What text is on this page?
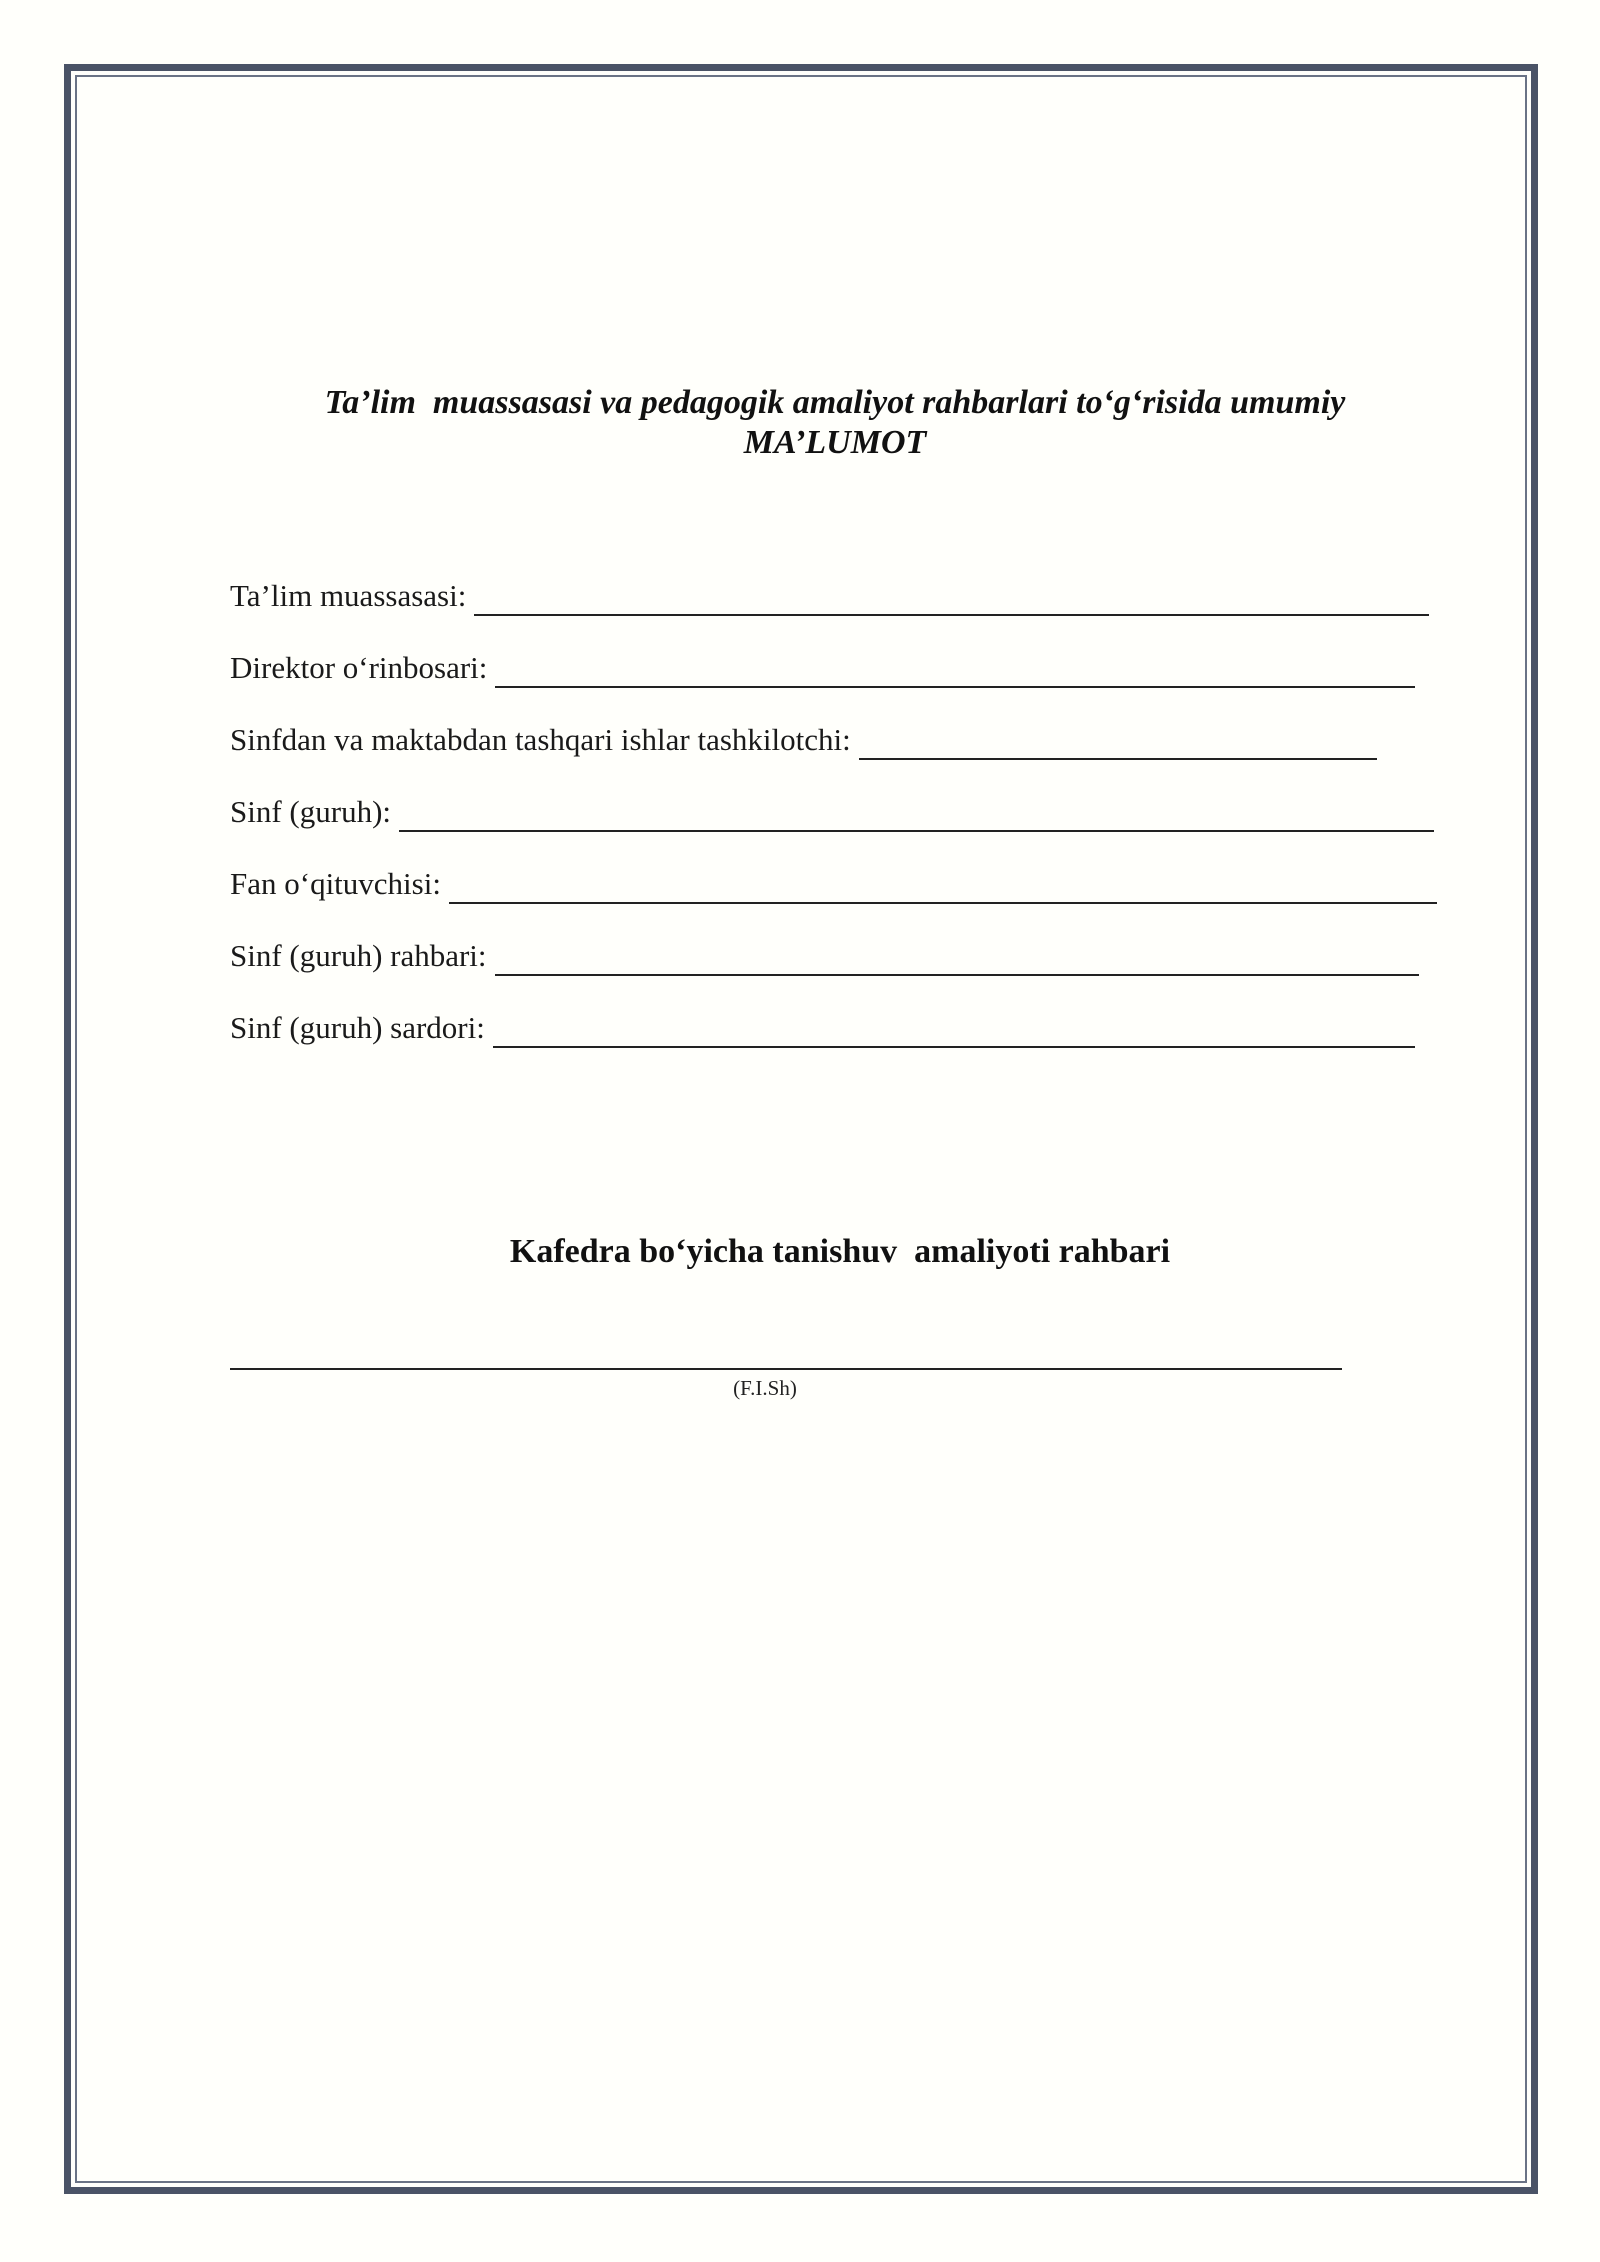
Ta’lim  muassasasi va pedagogik amaliyot rahbarlari to‘g‘risida umumiy
MA’LUMOT
Ta’lim muassasasi:
Direktor o‘rinbosari:
Sinfdan va maktabdan tashqari ishlar tashkilotchi:
Sinf (guruh):
Fan o‘qituvchisi:
Sinf (guruh) rahbari:
Sinf (guruh) sardori:
Kafedra bo‘yicha tanishuv  amaliyoti rahbari
(F.I.Sh)
